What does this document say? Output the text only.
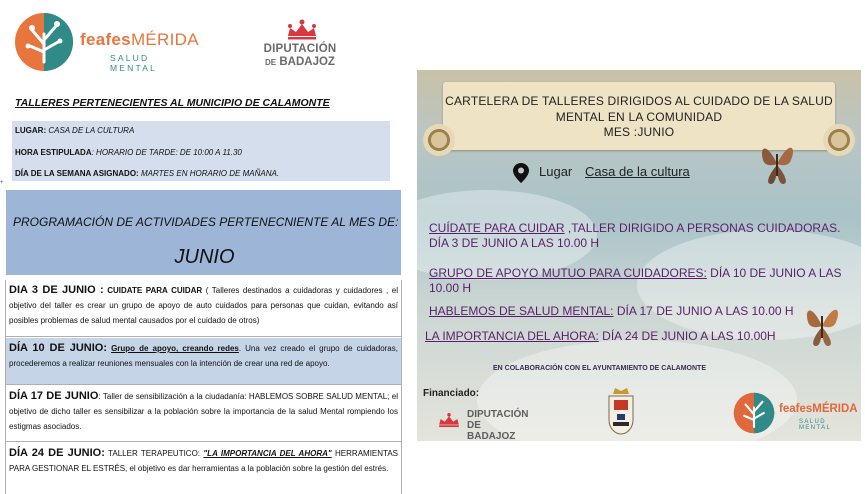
feafesMÉRIDA
SALUD MENTAL
DIPUTACIÓN
DE BADAJOZ
TALLERES PERTENECIENTES AL MUNICIPIO DE CALAMONTE
LUGAR: CASA DE LA CULTURA
HORA ESTIPULADA: HORARIO DE TARDE: DE 10:00 A 11.30
DÍA DE LA SEMANA ASIGNADO: MARTES EN HORARIO DE MAÑANA.
+
PROGRAMACIÓN DE ACTIVIDADES PERTENECNIENTE AL MES DE:
JUNIO
DIA 3 DE JUNIO : CUIDATE PARA CUIDAR ( Talleres destinados a cuidadoras y cuidadores , el objetivo del taller es crear un grupo de apoyo de auto cuidados para personas que cuidan, evitando así posibles problemas de salud mental causados por el cuidado de otros)
DÍA 10 DE JUNIO: Grupo de apoyo, creando redes. Una vez creado el grupo de cuidadoras, procederemos a realizar reuniones mensuales con la intención de crear una red de apoyo.
DÍA 17 DE JUNIO: Taller de sensibilización a la ciudadanía: HABLEMOS SOBRE SALUD MENTAL; el objetivo de dicho taller es sensibilizar a la población sobre la importancia de la salud Mental rompiendo los estigmas asociados.
DÍA 24 DE JUNIO: TALLER TERAPEUTICO: "LA IMPORTANCIA DEL AHORA" HERRAMIENTAS PARA GESTIONAR EL ESTRÉS, el objetivo es dar herramientas a la población sobre la gestión del estrés.
CARTELERA DE TALLERES DIRIGIDOS AL CUIDADO DE LA SALUD
MENTAL EN LA COMUNIDAD
MES :JUNIO
Lugar Casa de la cultura
CUÍDATE PARA CUIDAR ,TALLER DIRIGIDO A PERSONAS CUIDADORAS.
DÍA 3 DE JUNIO A LAS 10.00 H
GRUPO DE APOYO MUTUO PARA CUIDADORES: DÍA 10 DE JUNIO A LAS
10.00 H
HABLEMOS DE SALUD MENTAL: DÍA 17 DE JUNIO A LAS 10.00 H
LA IMPORTANCIA DEL AHORA: DÍA 24 DE JUNIO A LAS 10.00H
EN COLABORACIÓN CON EL AYUNTAMIENTO DE CALAMONTE
Financiado:
DIPUTACIÓN
DE BADAJOZ
feafesMÉRIDA
SALUD MENTAL
